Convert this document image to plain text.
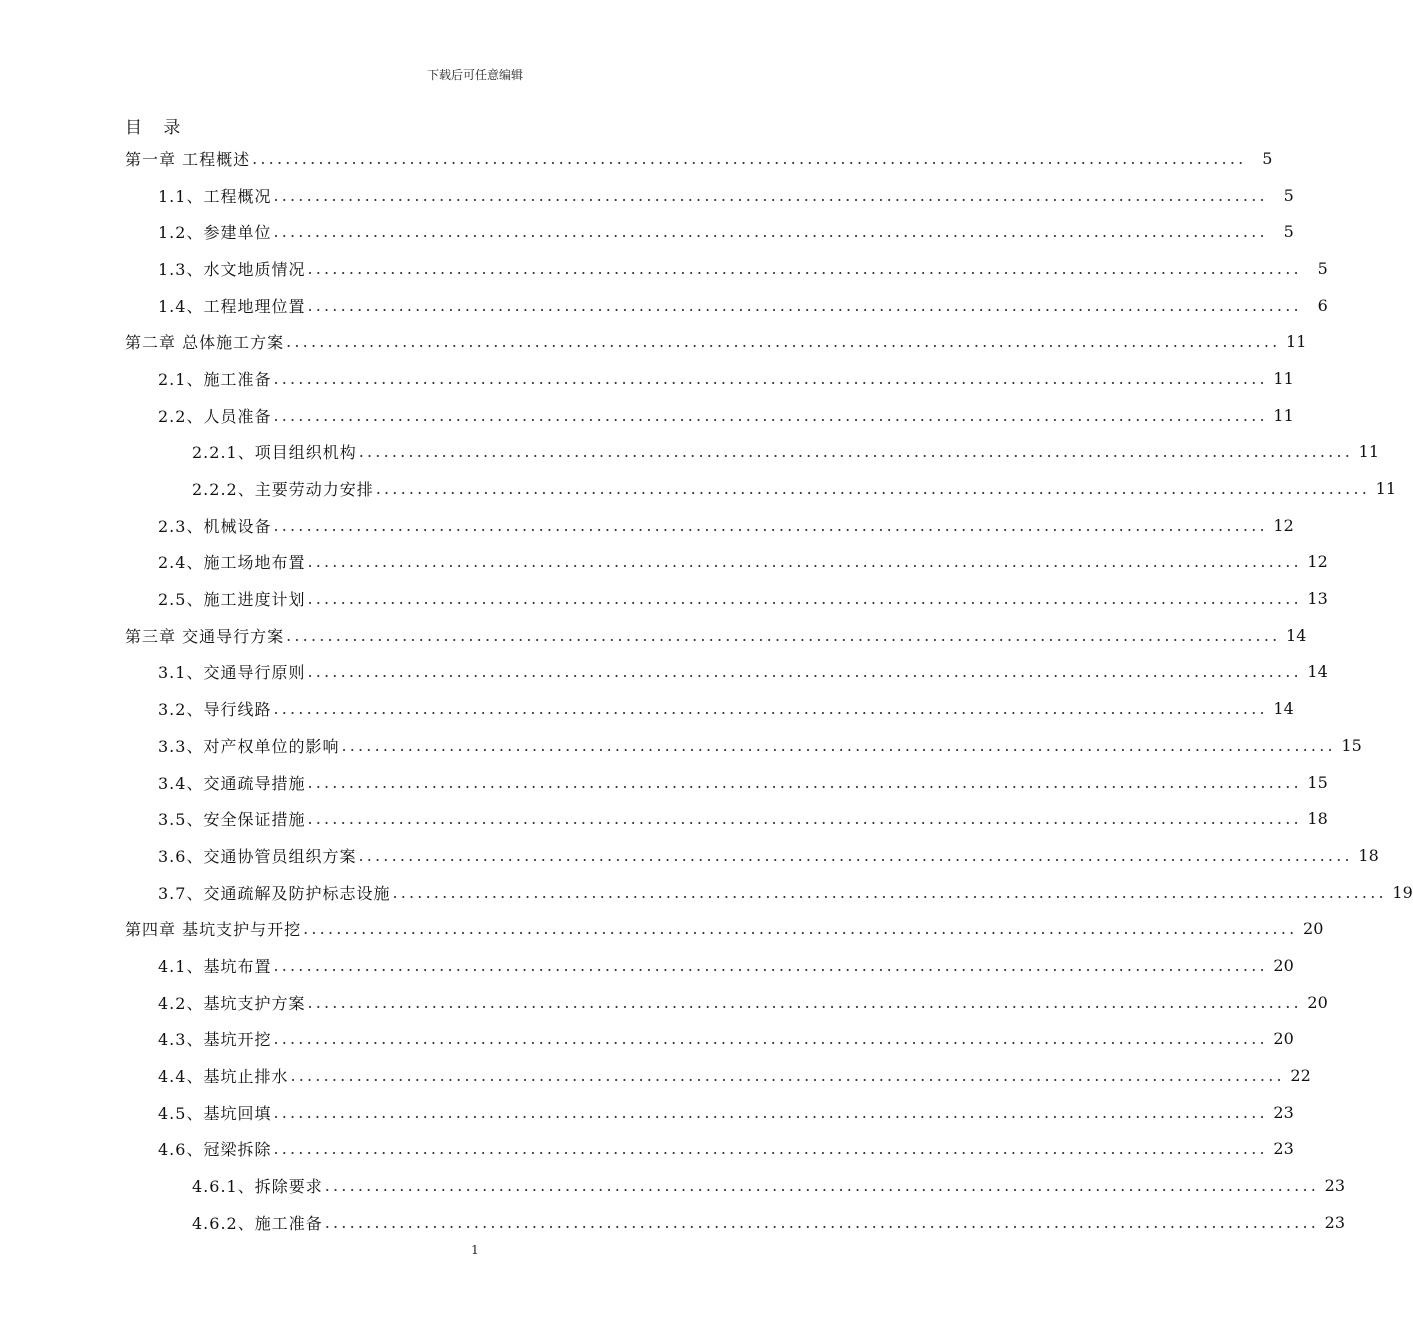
下载后可任意编辑
目 录
第一章 工程概述 ........................................................................................................................ 5
1.1、工程概况 ........................................................................................................................ 5
1.2、参建单位 ........................................................................................................................ 5
1.3、水文地质情况 ........................................................................................................................ 5
1.4、工程地理位置 ........................................................................................................................ 6
第二章 总体施工方案 ........................................................................................................................ 11
2.1、施工准备 ........................................................................................................................ 11
2.2、人员准备 ........................................................................................................................ 11
2.2.1、项目组织机构 ........................................................................................................................ 11
2.2.2、主要劳动力安排 ........................................................................................................................ 11
2.3、机械设备 ........................................................................................................................ 12
2.4、施工场地布置 ........................................................................................................................ 12
2.5、施工进度计划 ........................................................................................................................ 13
第三章 交通导行方案 ........................................................................................................................ 14
3.1、交通导行原则 ........................................................................................................................ 14
3.2、导行线路 ........................................................................................................................ 14
3.3、对产权单位的影响 ........................................................................................................................ 15
3.4、交通疏导措施 ........................................................................................................................ 15
3.5、安全保证措施 ........................................................................................................................ 18
3.6、交通协管员组织方案 ........................................................................................................................ 18
3.7、交通疏解及防护标志设施 ........................................................................................................................ 19
第四章 基坑支护与开挖 ........................................................................................................................ 20
4.1、基坑布置 ........................................................................................................................ 20
4.2、基坑支护方案 ........................................................................................................................ 20
4.3、基坑开挖 ........................................................................................................................ 20
4.4、基坑止排水 ........................................................................................................................ 22
4.5、基坑回填 ........................................................................................................................ 23
4.6、冠梁拆除 ........................................................................................................................ 23
4.6.1、拆除要求 ........................................................................................................................ 23
4.6.2、施工准备 ........................................................................................................................ 23
1
